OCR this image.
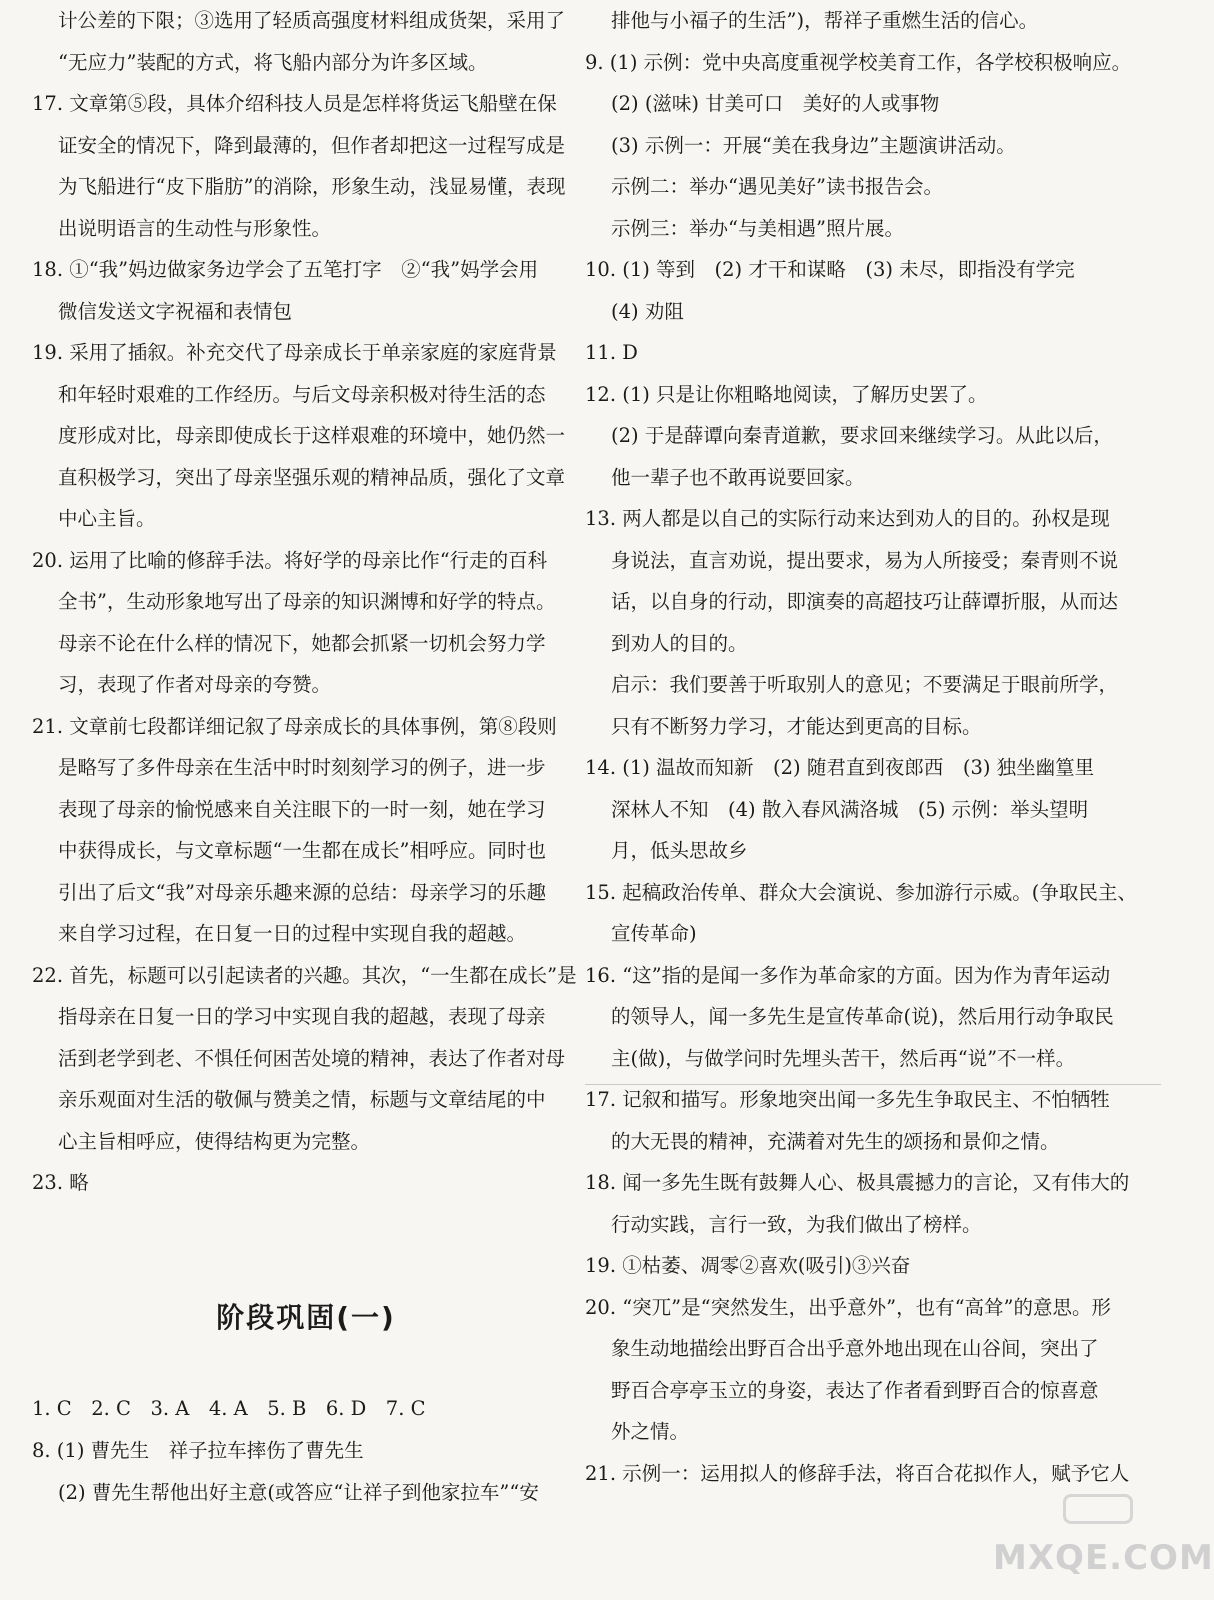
计公差的下限；③选用了轻质高强度材料组成货架，采用了
“无应力”装配的方式，将飞船内部分为许多区域。
17. 文章第⑤段，具体介绍科技人员是怎样将货运飞船壁在保
证安全的情况下，降到最薄的，但作者却把这一过程写成是
为飞船进行“皮下脂肪”的消除，形象生动，浅显易懂，表现
出说明语言的生动性与形象性。
18. ①“我”妈边做家务边学会了五笔打字　②“我”妈学会用
微信发送文字祝福和表情包
19. 采用了插叙。补充交代了母亲成长于单亲家庭的家庭背景
和年轻时艰难的工作经历。与后文母亲积极对待生活的态
度形成对比，母亲即使成长于这样艰难的环境中，她仍然一
直积极学习，突出了母亲坚强乐观的精神品质，强化了文章
中心主旨。
20. 运用了比喻的修辞手法。将好学的母亲比作“行走的百科
全书”，生动形象地写出了母亲的知识渊博和好学的特点。
母亲不论在什么样的情况下，她都会抓紧一切机会努力学
习，表现了作者对母亲的夸赞。
21. 文章前七段都详细记叙了母亲成长的具体事例，第⑧段则
是略写了多件母亲在生活中时时刻刻学习的例子，进一步
表现了母亲的愉悦感来自关注眼下的一时一刻，她在学习
中获得成长，与文章标题“一生都在成长”相呼应。同时也
引出了后文“我”对母亲乐趣来源的总结：母亲学习的乐趣
来自学习过程，在日复一日的过程中实现自我的超越。
22. 首先，标题可以引起读者的兴趣。其次，“一生都在成长”是
指母亲在日复一日的学习中实现自我的超越，表现了母亲
活到老学到老、不惧任何困苦处境的精神，表达了作者对母
亲乐观面对生活的敬佩与赞美之情，标题与文章结尾的中
心主旨相呼应，使得结构更为完整。
23. 略
阶段巩固(一)
1. C　2. C　3. A　4. A　5. B　6. D　7. C
8. (1) 曹先生　祥子拉车摔伤了曹先生
(2) 曹先生帮他出好主意(或答应“让祥子到他家拉车”“安
排他与小福子的生活”)，帮祥子重燃生活的信心。
9. (1) 示例：党中央高度重视学校美育工作，各学校积极响应。
(2) (滋味) 甘美可口　美好的人或事物
(3) 示例一：开展“美在我身边”主题演讲活动。
示例二：举办“遇见美好”读书报告会。
示例三：举办“与美相遇”照片展。
10. (1) 等到　(2) 才干和谋略　(3) 未尽，即指没有学完
(4) 劝阻
11. D
12. (1) 只是让你粗略地阅读，了解历史罢了。
(2) 于是薛谭向秦青道歉，要求回来继续学习。从此以后，
他一辈子也不敢再说要回家。
13. 两人都是以自己的实际行动来达到劝人的目的。孙权是现
身说法，直言劝说，提出要求，易为人所接受；秦青则不说
话，以自身的行动，即演奏的高超技巧让薛谭折服，从而达
到劝人的目的。
启示：我们要善于听取别人的意见；不要满足于眼前所学，
只有不断努力学习，才能达到更高的目标。
14. (1) 温故而知新　(2) 随君直到夜郎西　(3) 独坐幽篁里
深林人不知　(4) 散入春风满洛城　(5) 示例：举头望明
月，低头思故乡
15. 起稿政治传单、群众大会演说、参加游行示威。(争取民主、
宣传革命)
16. “这”指的是闻一多作为革命家的方面。因为作为青年运动
的领导人，闻一多先生是宣传革命(说)，然后用行动争取民
主(做)，与做学问时先埋头苦干，然后再“说”不一样。
17. 记叙和描写。形象地突出闻一多先生争取民主、不怕牺牲
的大无畏的精神，充满着对先生的颂扬和景仰之情。
18. 闻一多先生既有鼓舞人心、极具震撼力的言论，又有伟大的
行动实践，言行一致，为我们做出了榜样。
19. ①枯萎、凋零②喜欢(吸引)③兴奋
20. “突兀”是“突然发生，出乎意外”，也有“高耸”的意思。形
象生动地描绘出野百合出乎意外地出现在山谷间，突出了
野百合亭亭玉立的身姿，表达了作者看到野百合的惊喜意
外之情。
21. 示例一：运用拟人的修辞手法，将百合花拟作人，赋予它人
MXQE.COM
